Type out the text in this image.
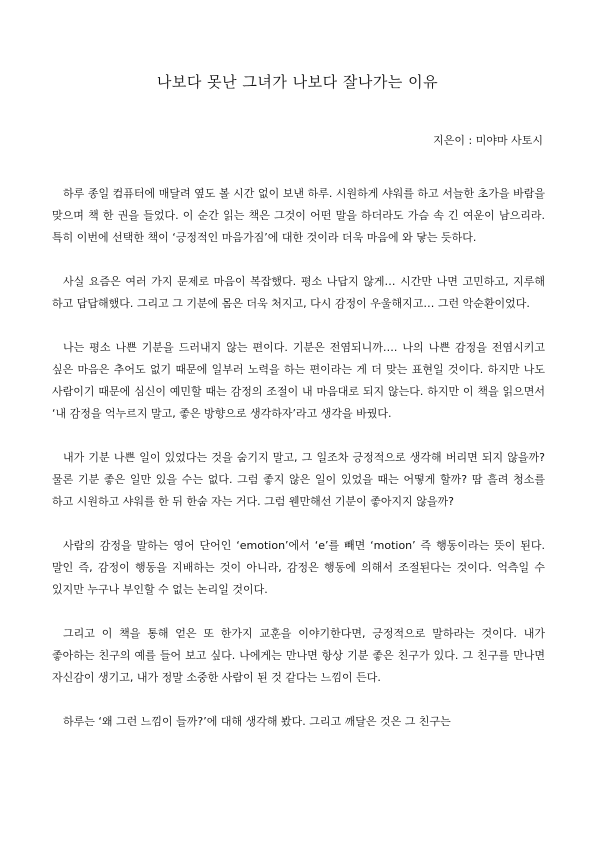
나보다 못난 그녀가 나보다 잘나가는 이유

지은이 : 미야마 사토시

하루 종일 컴퓨터에 매달려 옆도 볼 시간 없이 보낸 하루. 시원하게 샤워를 하고 서늘한 초가을 바람을 맞으며 책 한 권을 들었다. 이 순간 읽는 책은 그것이 어떤 말을 하더라도 가슴 속 긴 여운이 남으리라. 특히 이번에 선택한 책이 ‘긍정적인 마음가짐’에 대한 것이라 더욱 마음에 와 닿는 듯하다.

사실 요즘은 여러 가지 문제로 마음이 복잡했다. 평소 나답지 않게… 시간만 나면 고민하고, 지루해 하고 답답해했다. 그리고 그 기분에 몸은 더욱 처지고, 다시 감정이 우울해지고… 그런 악순환이었다.

나는 평소 나쁜 기분을 드러내지 않는 편이다. 기분은 전염되니까…. 나의 나쁜 감정을 전염시키고 싶은 마음은 추어도 없기 때문에 일부러 노력을 하는 편이라는 게 더 맞는 표현일 것이다. 하지만 나도 사람이기 때문에 심신이 예민할 때는 감정의 조절이 내 마음대로 되지 않는다. 하지만 이 책을 읽으면서 ‘내 감정을 억누르지 말고, 좋은 방향으로 생각하자’라고 생각을 바꿨다.

내가 기분 나쁜 일이 있었다는 것을 숨기지 말고, 그 일조차 긍정적으로 생각해 버리면 되지 않을까? 물론 기분 좋은 일만 있을 수는 없다. 그럼 좋지 않은 일이 있었을 때는 어떻게 할까? 땀 흘려 청소를 하고 시원하고 샤워를 한 뒤 한숨 자는 거다. 그럼 웬만해선 기분이 좋아지지 않을까?

사람의 감정을 말하는 영어 단어인 ‘emotion’에서 ‘e’를 빼면 ‘motion’ 즉 행동이라는 뜻이 된다. 말인 즉, 감정이 행동을 지배하는 것이 아니라, 감정은 행동에 의해서 조절된다는 것이다. 억측일 수 있지만 누구나 부인할 수 없는 논리일 것이다.

그리고 이 책을 통해 얻은 또 한가지 교훈을 이야기한다면, 긍정적으로 말하라는 것이다. 내가 좋아하는 친구의 예를 들어 보고 싶다. 나에게는 만나면 항상 기분 좋은 친구가 있다. 그 친구를 만나면 자신감이 생기고, 내가 정말 소중한 사람이 된 것 같다는 느낌이 든다.

하루는 ‘왜 그런 느낌이 들까?’에 대해 생각해 봤다. 그리고 깨달은 것은 그 친구는
